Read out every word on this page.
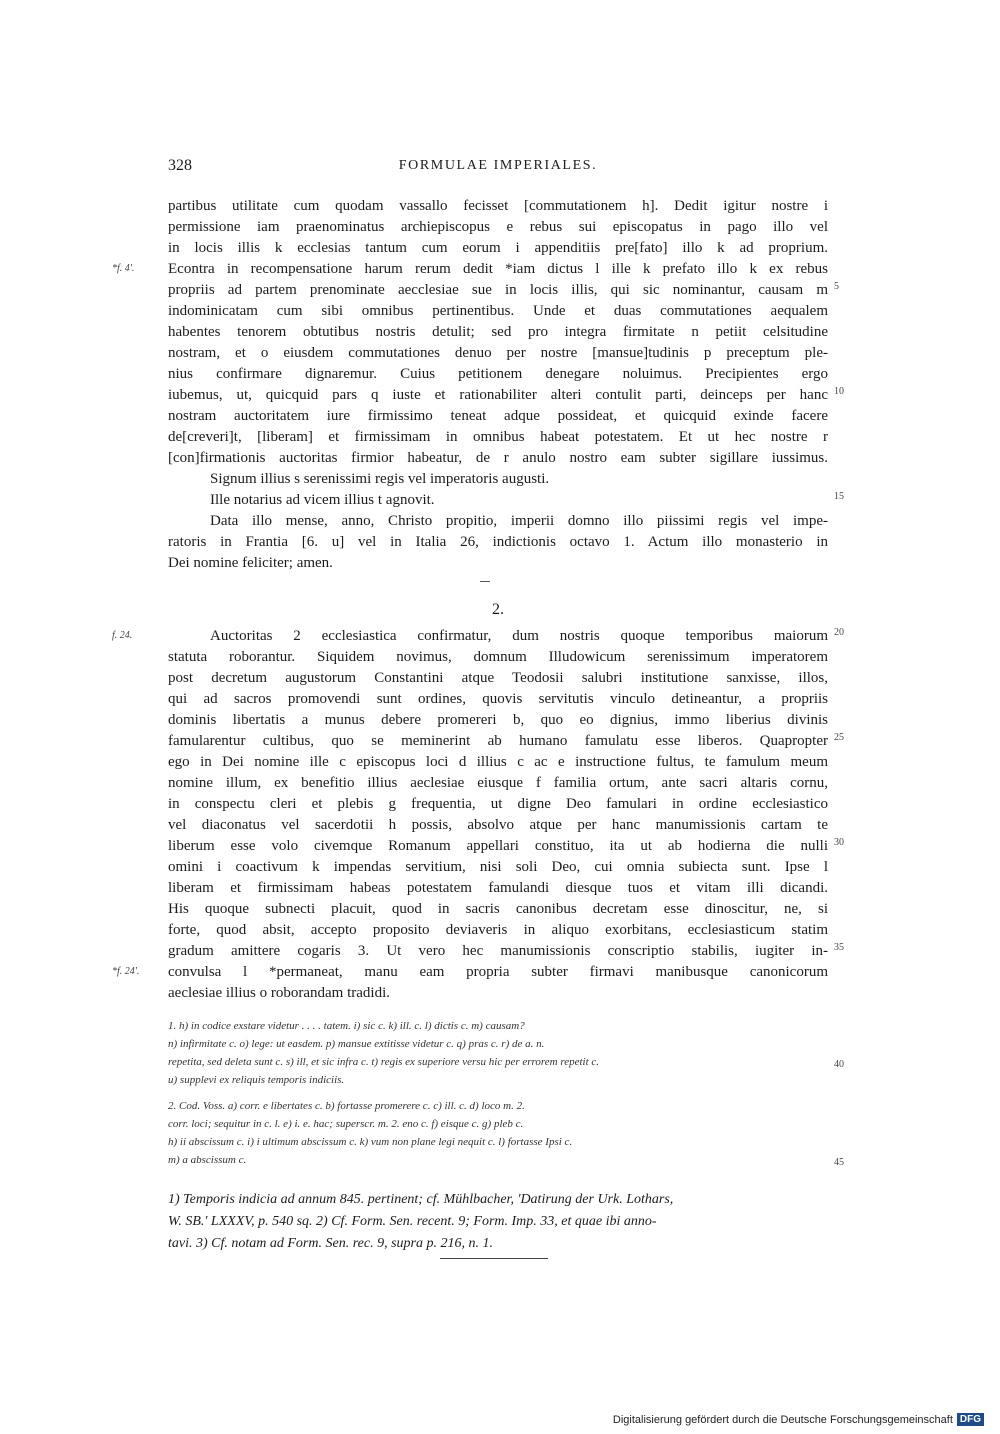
328	FORMULAE IMPERIALES.
partibus utilitate cum quodam vassallo fecisset [commutationem h]. Dedit igitur nostre i
permissione iam praenominatus archiepiscopus e rebus sui episcopatus in pago illo vel
in locis illis k ecclesias tantum cum eorum i appenditiis pre[fato] illo k ad proprium.
Econtra in recompensatione harum rerum dedit *iam dictus l ille k prefato illo k ex rebus
propriis ad partem prenominate aecclesiae sue in locis illis, qui sic nominantur, causam m
indominicatam cum sibi omnibus pertinentibus. Unde et duas commutationes aequalem
habentes tenorem obtutibus nostris detulit; sed pro integra firmitate n petiit celsitudine
nostram, et o eiusdem commutationes denuo per nostre [mansue]tudinis p preceptum ple-
nius confirmare dignaremur. Cuius petitionem denegare noluimus. Precipientes ergo
iubemus, ut, quicquid pars q iuste et rationabiliter alteri contulit parti, deinceps per hanc
nostram auctoritatem iure firmissimo teneat adque possideat, et quicquid exinde facere
de[creveri]t, [liberam] et firmissimam in omnibus habeat potestatem. Et ut hec nostre r
[con]firmationis auctoritas firmior habeatur, de r anulo nostro eam subter sigillare iussimus.
Signum illius s serenissimi regis vel imperatoris augusti.
Ille notarius ad vicem illius t agnovit.
Data illo mense, anno, Christo propitio, imperii domno illo piissimi regis vel impe-
ratoris in Frantia [6. u] vel in Italia 26, indictionis octavo 1. Actum illo monasterio in
Dei nomine feliciter; amen.
2.
Auctoritas 2 ecclesiastica confirmatur, dum nostris quoque temporibus maiorum
statuta roborantur. Siquidem novimus, domnum Illudowicum serenissimum imperatorem
post decretum augustorum Constantini atque Teodosii salubri institutione sanxisse, illos,
qui ad sacros promovendi sunt ordines, quovis servitutis vinculo detineantur, a propriis
dominis libertatis a munus debere promereri b, quo eo dignius, immo liberius divinis
famularentur cultibus, quo se meminerint ab humano famulatu esse liberos. Quapropter
ego in Dei nomine ille c episcopus loci d illius c ac e instructione fultus, te famulum meum
nomine illum, ex benefitio illius aeclesiae eiusque f familia ortum, ante sacri altaris cornu,
in conspectu cleri et plebis g frequentia, ut digne Deo famulari in ordine ecclesiastico
vel diaconatus vel sacerdotii h possis, absolvo atque per hanc manumissionis cartam te
liberum esse volo civemque Romanum appellari constituo, ita ut ab hodierna die nulli
omini i coactivum k impendas servitium, nisi soli Deo, cui omnia subiecta sunt. Ipse l
liberam et firmissimam habeas potestatem famulandi diesque tuos et vitam illi dicandi.
His quoque subnecti placuit, quod in sacris canonibus decretam esse dinoscitur, ne, si
forte, quod absit, accepto proposito deviaveris in aliquo exorbitans, ecclesiasticum statim
gradum amittere cogaris 3. Ut vero hec manumissionis conscriptio stabilis, iugiter in-
convulsa l *permaneat, manu eam propria subter firmavi manibusque canonicorum
aeclesiae illius o roborandam tradidi.
1. h) in codice exstare videtur . . . . tatem. i) sic c. k) ill. c. l) dictis c. m) causam?
n) infirmitate c. o) lege: ut easdem. p) mansue extitisse videtur c. q) pras c. r) de a. n.
repetita, sed deleta sunt c. s) ill, et sic infra c. t) regis ex superiore versu hic per errorem repetit c.
u) supplevi ex reliquis temporis indiciis.
2. Cod. Voss. a) corr. e libertates c. b) fortasse promerere c. c) ill. c. d) loco m. 2.
corr. loci; sequitur in c. l. e) i. e. hac; superscr. m. 2. eno c. f) eisque c. g) pleb c.
h) ii abscissum c. i) i ultimum abscissum c. k) vum non plane legi nequit c. l) fortasse Ipsi c.
m) a abscissum c.
1) Temporis indicia ad annum 845. pertinent; cf. Mühlbacher, 'Datirung der Urk. Lothars,
W. SB.' LXXXV, p. 540 sq. 2) Cf. Form. Sen. recent. 9; Form. Imp. 33, et quae ibi anno-
tavi. 3) Cf. notam ad Form. Sen. rec. 9, supra p. 216, n. 1.
5
10
15
20
25
30
35
40
45
*f. 4'.
f. 24.
*f. 24'.
Digitalisierung gefördert durch die Deutsche Forschungsgemeinschaft DFG
